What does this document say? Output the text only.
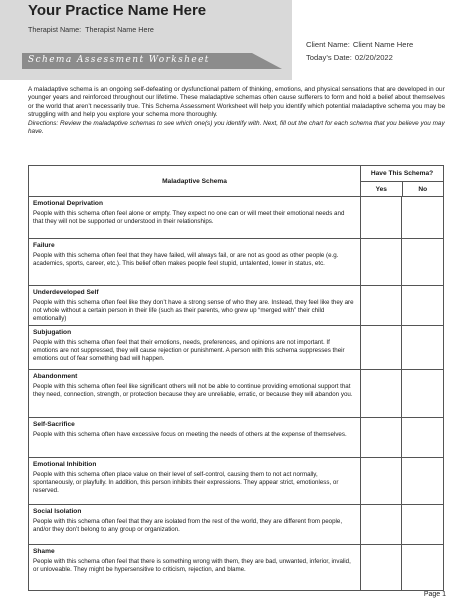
Your Practice Name Here
Therapist Name: Therapist Name Here
Schema Assessment Worksheet
Client Name: Client Name Here
Today’s Date: 02/20/2022
A maladaptive schema is an ongoing self-defeating or dysfunctional pattern of thinking, emotions, and physical sensations that are developed in our younger years and reinforced throughout our lifetime. These maladaptive schemas often cause sufferers to form and hold a belief about themselves or the world that aren’t necessarily true. This Schema Assessment Worksheet will help you identify which potential maladaptive schema you may be struggling with and help you explore your schema more thoroughly.
Directions: Review the maladaptive schemas to see which one(s) you identify with. Next, fill out the chart for each schema that you believe you may have.
Maladaptive Schema
Have This Schema?
Yes	No
Emotional Deprivation
People with this schema often feel alone or empty. They expect no one can or will meet their emotional needs and that they will not be supported or understood in their relationships.
Failure
People with this schema often feel that they have failed, will always fail, or are not as good as other people (e.g. academics, sports, career, etc.). This belief often makes people feel stupid, untalented, lower in status, etc.
Underdeveloped Self
People with this schema often feel like they don’t have a strong sense of who they are. Instead, they feel like they are not whole without a certain person in their life (such as their parents, who grew up “merged with” their child emotionally)
Subjugation
People with this schema often feel that their emotions, needs, preferences, and opinions are not important. If emotions are not suppressed, they will cause rejection or punishment. A person with this schema suppresses their emotions out of fear something bad will happen.
Abandonment
People with this schema often feel like significant others will not be able to continue providing emotional support that they need, connection, strength, or protection because they are unreliable, erratic, or because they will abandon you.
Self-Sacrifice
People with this schema often have excessive focus on meeting the needs of others at the expense of themselves.
Emotional Inhibition
People with this schema often place value on their level of self-control, causing them to not act normally, spontaneously, or playfully. In addition, this person inhibits their expressions. They appear strict, emotionless, or reserved.
Social Isolation
People with this schema often feel that they are isolated from the rest of the world, they are different from people, and/or they don’t belong to any group or organization.
Shame
People with this schema often feel that there is something wrong with them, they are bad, unwanted, inferior, invalid, or unloveable. They might be hypersensitive to criticism, rejection, and blame.
Page 1
